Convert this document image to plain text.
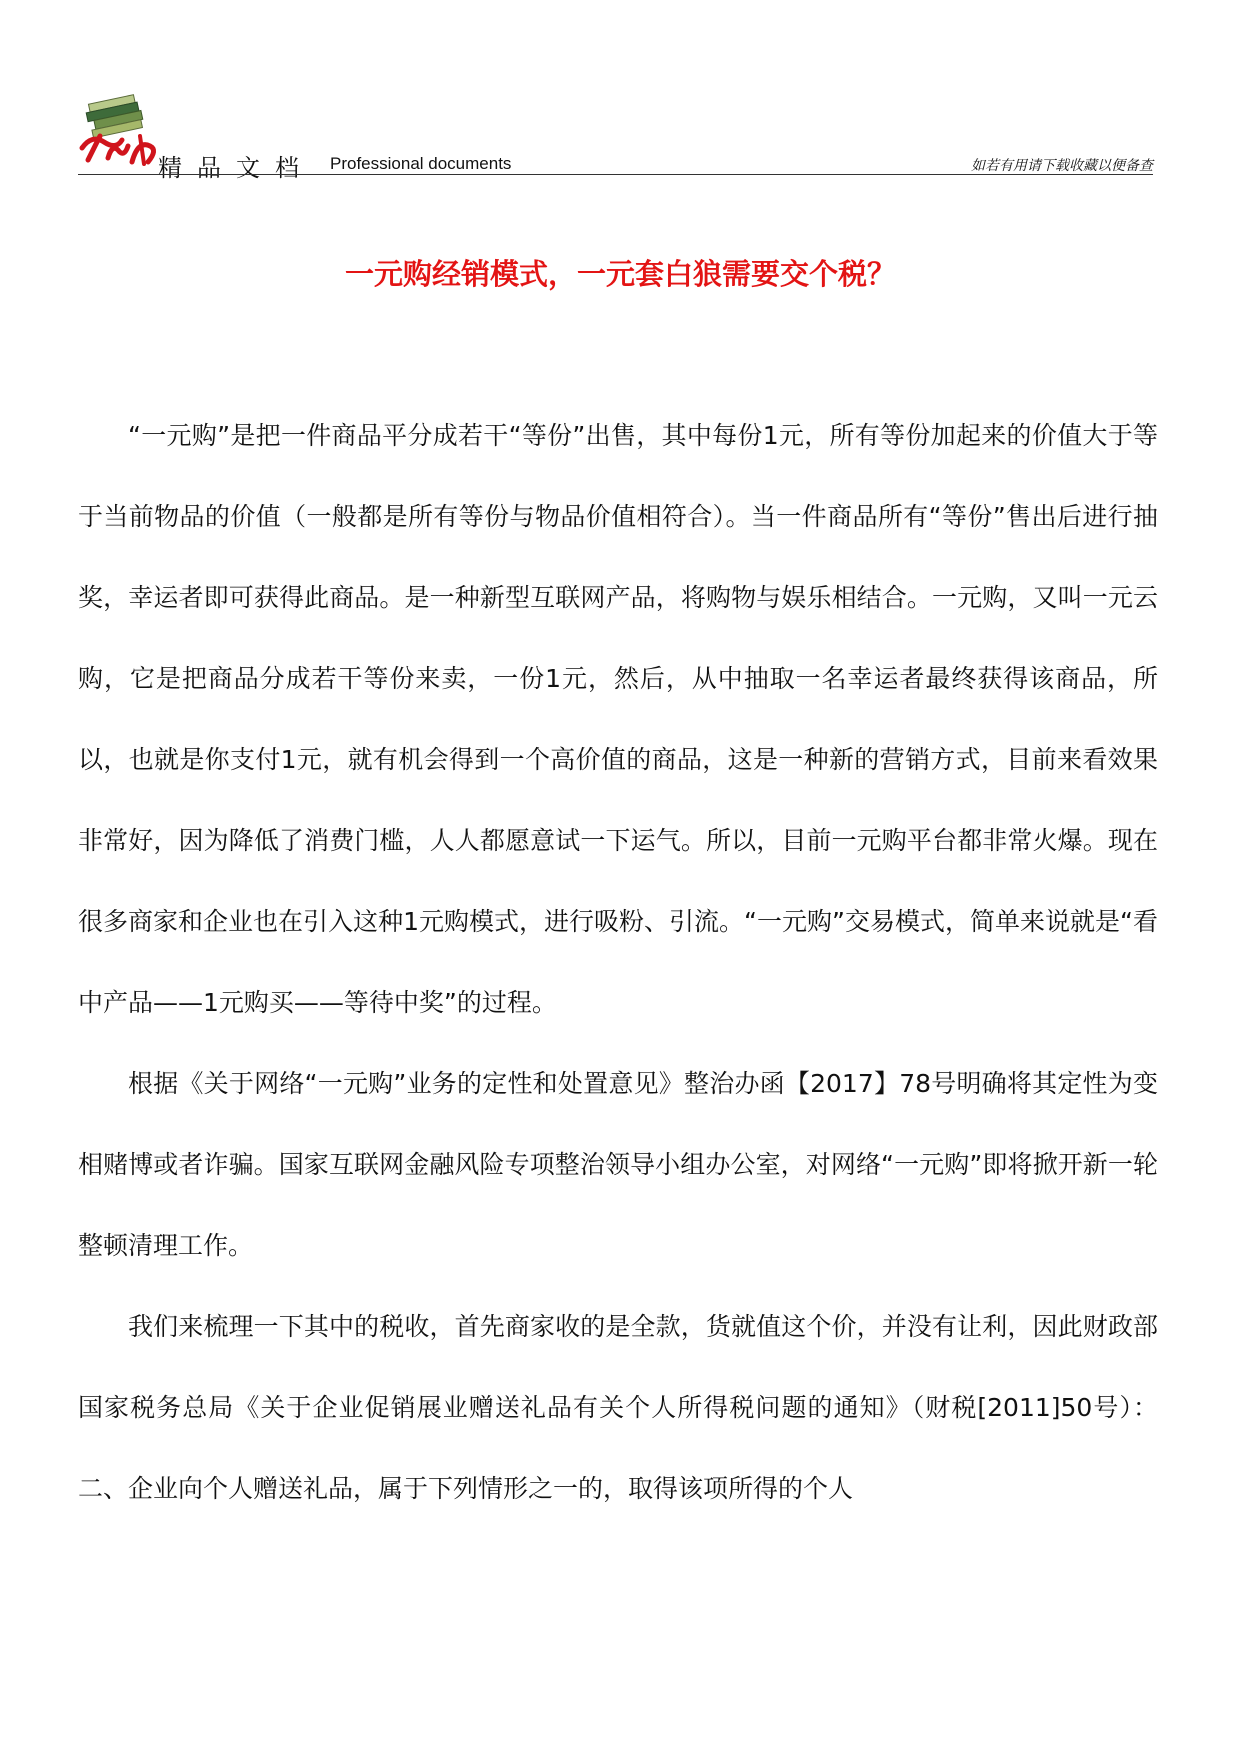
精品文档 Professional documents	如若有用请下载收藏以便备查
一元购经销模式，一元套白狼需要交个税？

“一元购”是把一件商品平分成若干“等份”出售，其中每份1元，所有等份加起来的价值大于等于当前物品的价值（一般都是所有等份与物品价值相符合）。当一件商品所有“等份”售出后进行抽奖，幸运者即可获得此商品。是一种新型互联网产品，将购物与娱乐相结合。一元购，又叫一元云购，它是把商品分成若干等份来卖，一份1元，然后，从中抽取一名幸运者最终获得该商品，所以，也就是你支付1元，就有机会得到一个高价值的商品，这是一种新的营销方式，目前来看效果非常好，因为降低了消费门槛，人人都愿意试一下运气。所以，目前一元购平台都非常火爆。现在很多商家和企业也在引入这种1元购模式，进行吸粉、引流。“一元购”交易模式，简单来说就是“看中产品——1元购买——等待中奖”的过程。

根据《关于网络“一元购”业务的定性和处置意见》整治办函【2017】78号明确将其定性为变相赌博或者诈骗。国家互联网金融风险专项整治领导小组办公室，对网络“一元购”即将掀开新一轮整顿清理工作。

我们来梳理一下其中的税收，首先商家收的是全款，货就值这个价，并没有让利，因此财政部国家税务总局《关于企业促销展业赠送礼品有关个人所得税问题的通知》（财税[2011]50号）：二、企业向个人赠送礼品，属于下列情形之一的，取得该项所得的个人
